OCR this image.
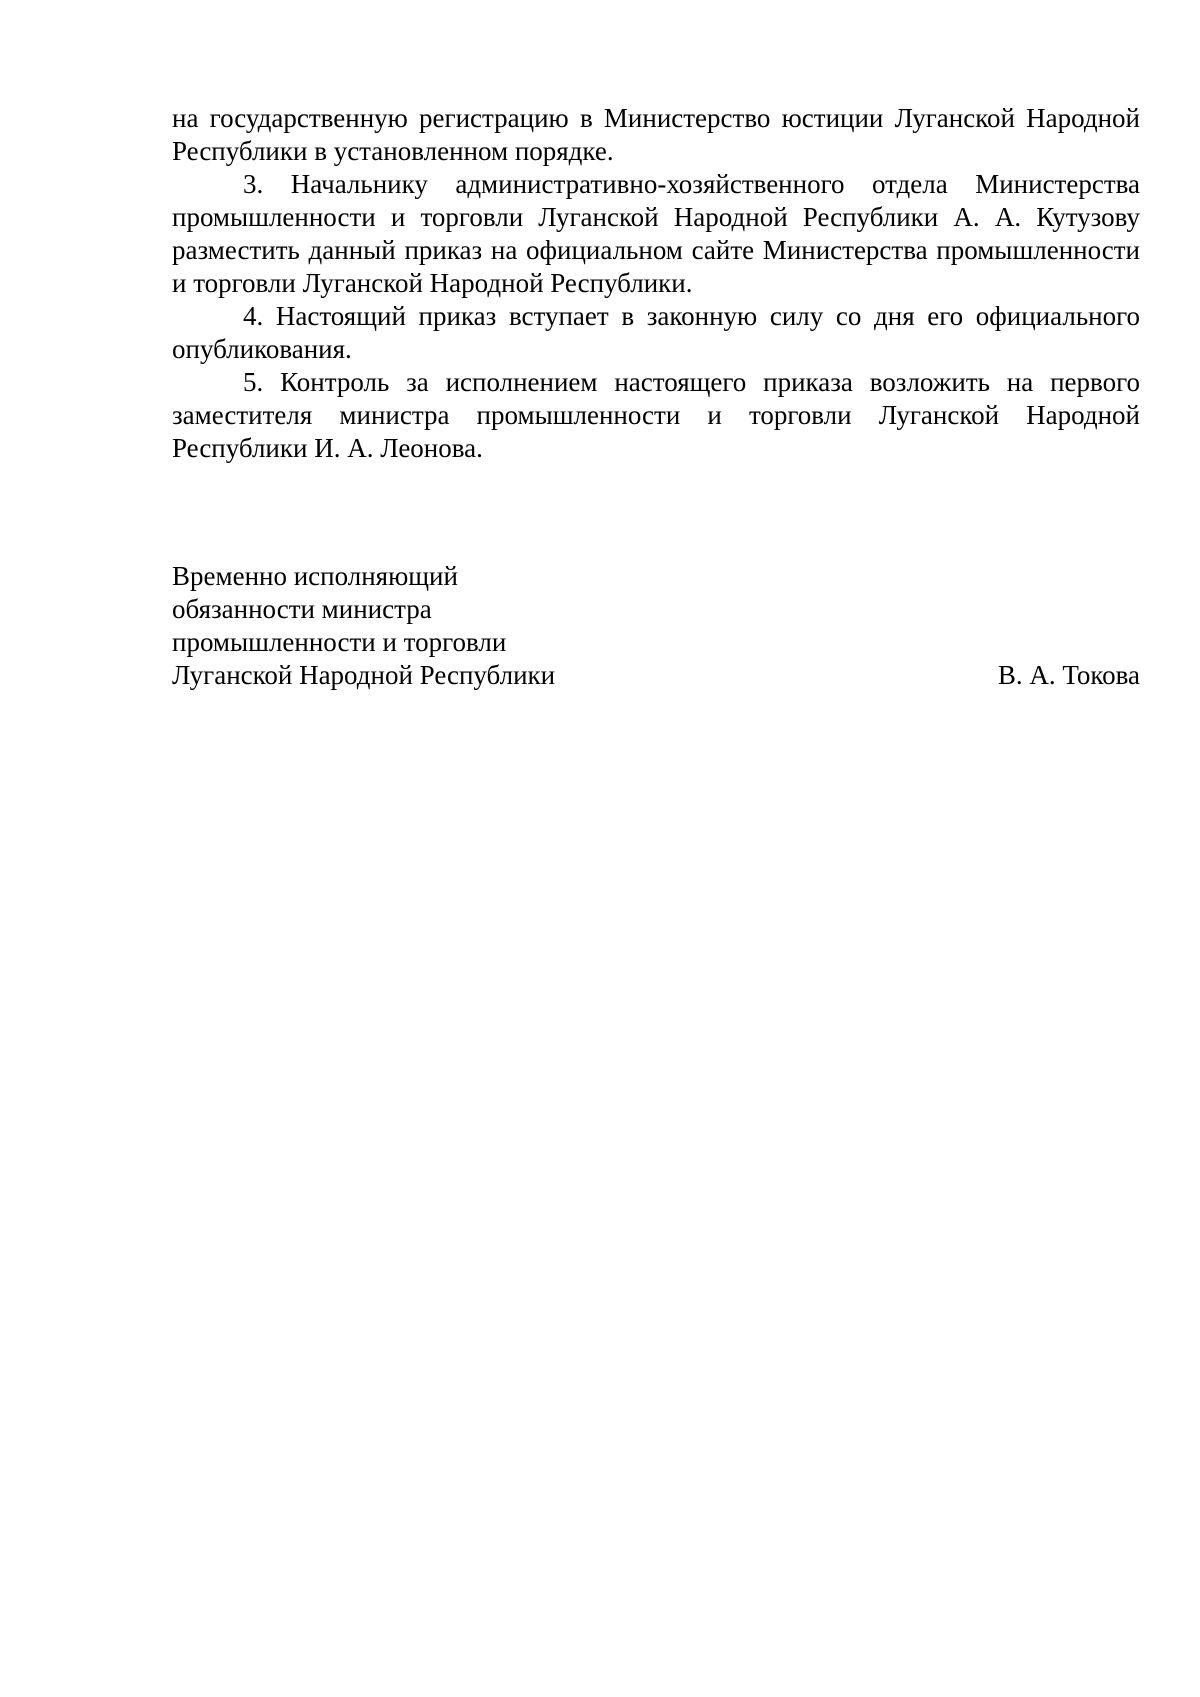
на государственную регистрацию в Министерство юстиции Луганской Народной Республики в установленном порядке.

3. Начальнику административно-хозяйственного отдела Министерства промышленности и торговли Луганской Народной Республики А. А. Кутузову разместить данный приказ на официальном сайте Министерства промышленности и торговли Луганской Народной Республики.

4. Настоящий приказ вступает в законную силу со дня его официального опубликования.

5. Контроль за исполнением настоящего приказа возложить на первого заместителя министра промышленности и торговли Луганской Народной Республики И. А. Леонова.

Временно исполняющий
обязанности министра
промышленности и торговли
Луганской Народной Республики	В. А. Токова
